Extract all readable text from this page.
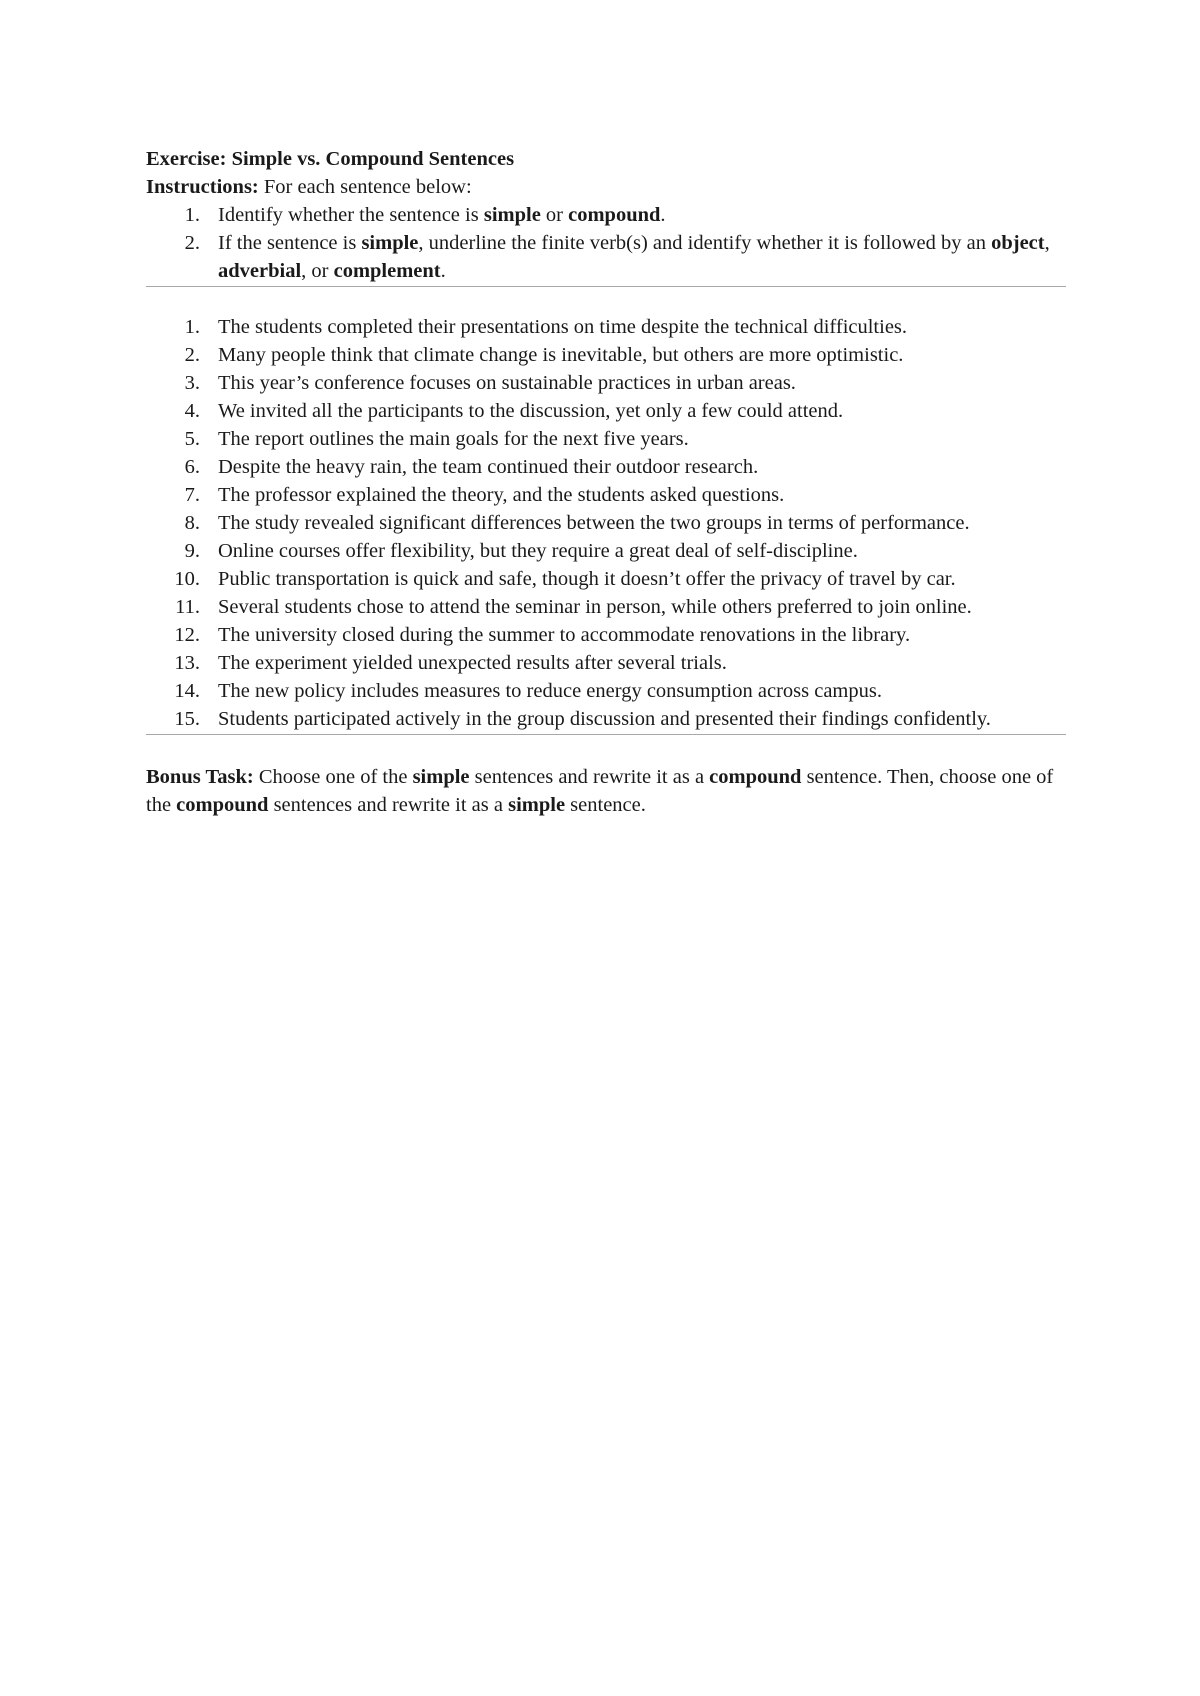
Exercise: Simple vs. Compound Sentences
Instructions: For each sentence below:
1. Identify whether the sentence is simple or compound.
2. If the sentence is simple, underline the finite verb(s) and identify whether it is followed by an object, adverbial, or complement.
1. The students completed their presentations on time despite the technical difficulties.
2. Many people think that climate change is inevitable, but others are more optimistic.
3. This year’s conference focuses on sustainable practices in urban areas.
4. We invited all the participants to the discussion, yet only a few could attend.
5. The report outlines the main goals for the next five years.
6. Despite the heavy rain, the team continued their outdoor research.
7. The professor explained the theory, and the students asked questions.
8. The study revealed significant differences between the two groups in terms of performance.
9. Online courses offer flexibility, but they require a great deal of self-discipline.
10. Public transportation is quick and safe, though it doesn’t offer the privacy of travel by car.
11. Several students chose to attend the seminar in person, while others preferred to join online.
12. The university closed during the summer to accommodate renovations in the library.
13. The experiment yielded unexpected results after several trials.
14. The new policy includes measures to reduce energy consumption across campus.
15. Students participated actively in the group discussion and presented their findings confidently.

Bonus Task: Choose one of the simple sentences and rewrite it as a compound sentence. Then, choose one of the compound sentences and rewrite it as a simple sentence.
